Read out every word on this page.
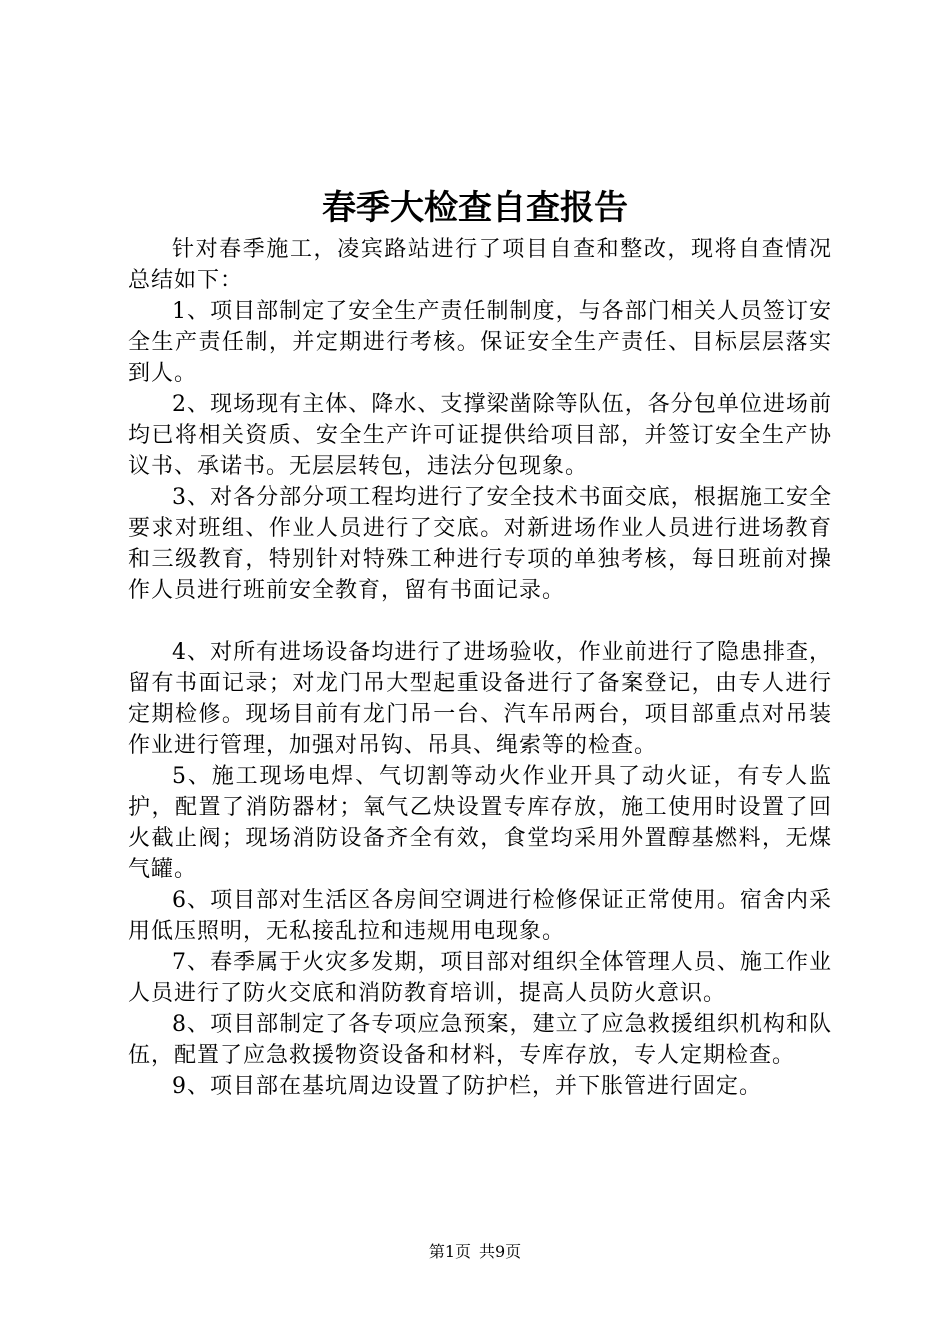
春季大检查自查报告

针对春季施工，凌宾路站进行了项目自查和整改，现将自查情况总结如下：

1、项目部制定了安全生产责任制制度，与各部门相关人员签订安全生产责任制，并定期进行考核。保证安全生产责任、目标层层落实到人。

2、现场现有主体、降水、支撑梁凿除等队伍，各分包单位进场前均已将相关资质、安全生产许可证提供给项目部，并签订安全生产协议书、承诺书。无层层转包，违法分包现象。

3、对各分部分项工程均进行了安全技术书面交底，根据施工安全要求对班组、作业人员进行了交底。对新进场作业人员进行进场教育和三级教育，特别针对特殊工种进行专项的单独考核，每日班前对操作人员进行班前安全教育，留有书面记录。

4、对所有进场设备均进行了进场验收，作业前进行了隐患排查，留有书面记录；对龙门吊大型起重设备进行了备案登记，由专人进行定期检修。现场目前有龙门吊一台、汽车吊两台，项目部重点对吊装作业进行管理，加强对吊钩、吊具、绳索等的检查。

5、施工现场电焊、气切割等动火作业开具了动火证，有专人监护，配置了消防器材；氧气乙炔设置专库存放，施工使用时设置了回火截止阀；现场消防设备齐全有效，食堂均采用外置醇基燃料，无煤气罐。

6、项目部对生活区各房间空调进行检修保证正常使用。宿舍内采用低压照明，无私接乱拉和违规用电现象。

7、春季属于火灾多发期，项目部对组织全体管理人员、施工作业人员进行了防火交底和消防教育培训，提高人员防火意识。

8、项目部制定了各专项应急预案，建立了应急救援组织机构和队伍，配置了应急救援物资设备和材料，专库存放，专人定期检查。

9、项目部在基坑周边设置了防护栏，并下胀管进行固定。

第1页 共9页
